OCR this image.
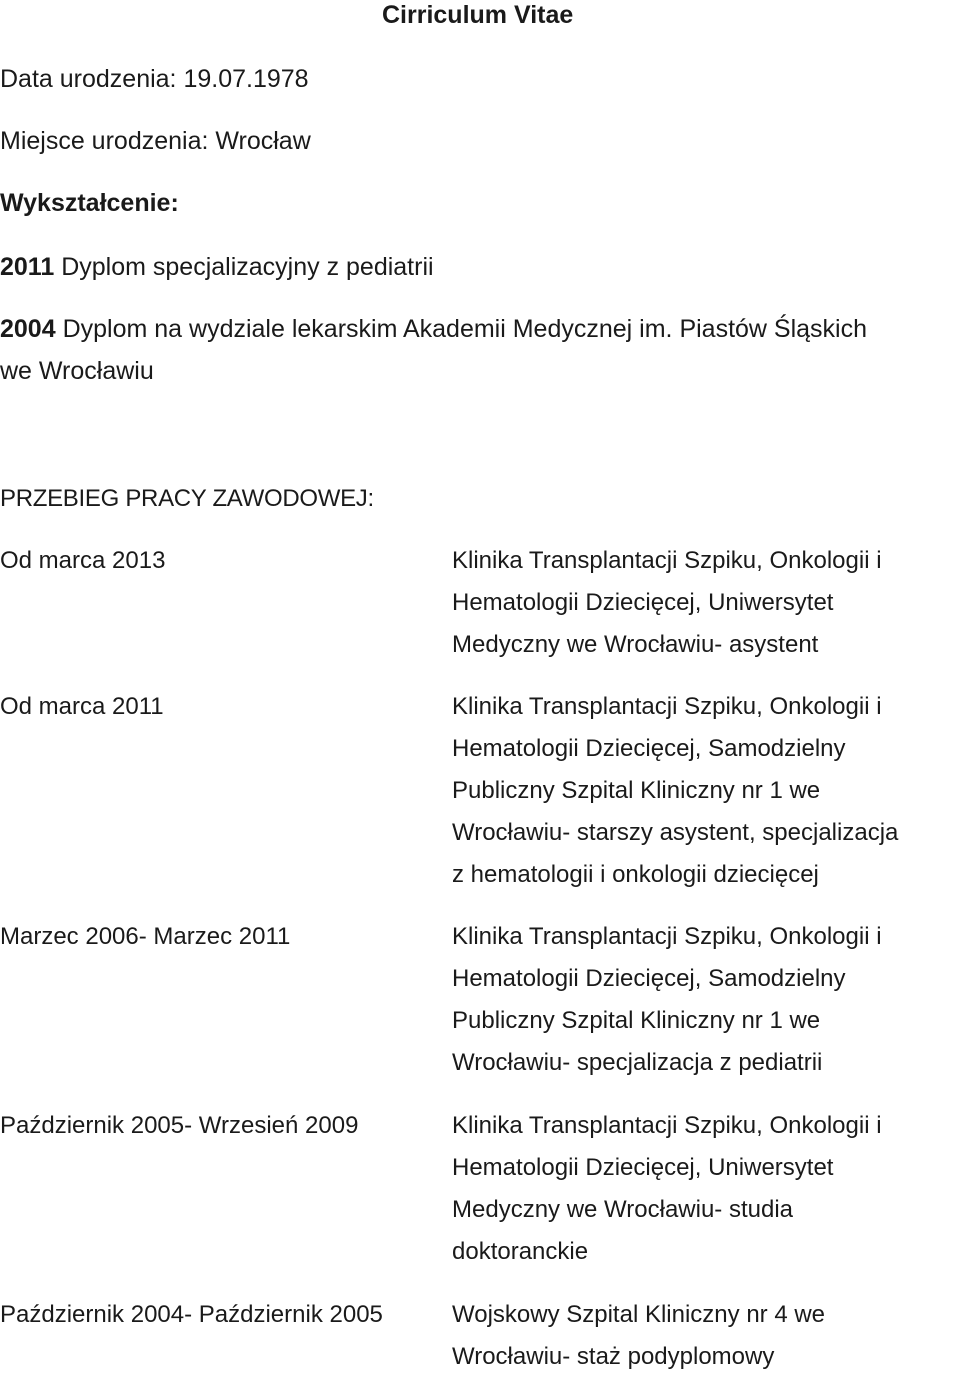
Cirriculum Vitae
Data urodzenia: 19.07.1978
Miejsce urodzenia: Wrocław
Wykształcenie:
2011 Dyplom specjalizacyjny z pediatrii
2004 Dyplom na wydziale lekarskim Akademii Medycznej im. Piastów Śląskich
we Wrocławiu
PRZEBIEG PRACY ZAWODOWEJ:
Od marca 2013	Klinika Transplantacji Szpiku, Onkologii i
Hematologii Dziecięcej, Uniwersytet
Medyczny we Wrocławiu- asystent
Od marca 2011	Klinika Transplantacji Szpiku, Onkologii i
Hematologii Dziecięcej, Samodzielny
Publiczny Szpital Kliniczny nr 1 we
Wrocławiu- starszy asystent, specjalizacja
z hematologii i onkologii dziecięcej
Marzec 2006- Marzec 2011	Klinika Transplantacji Szpiku, Onkologii i
Hematologii Dziecięcej, Samodzielny
Publiczny Szpital Kliniczny nr 1 we
Wrocławiu- specjalizacja z pediatrii
Październik 2005- Wrzesień 2009	Klinika Transplantacji Szpiku, Onkologii i
Hematologii Dziecięcej, Uniwersytet
Medyczny we Wrocławiu- studia
doktoranckie
Październik 2004- Październik 2005	Wojskowy Szpital Kliniczny nr 4 we
Wrocławiu- staż podyplomowy
